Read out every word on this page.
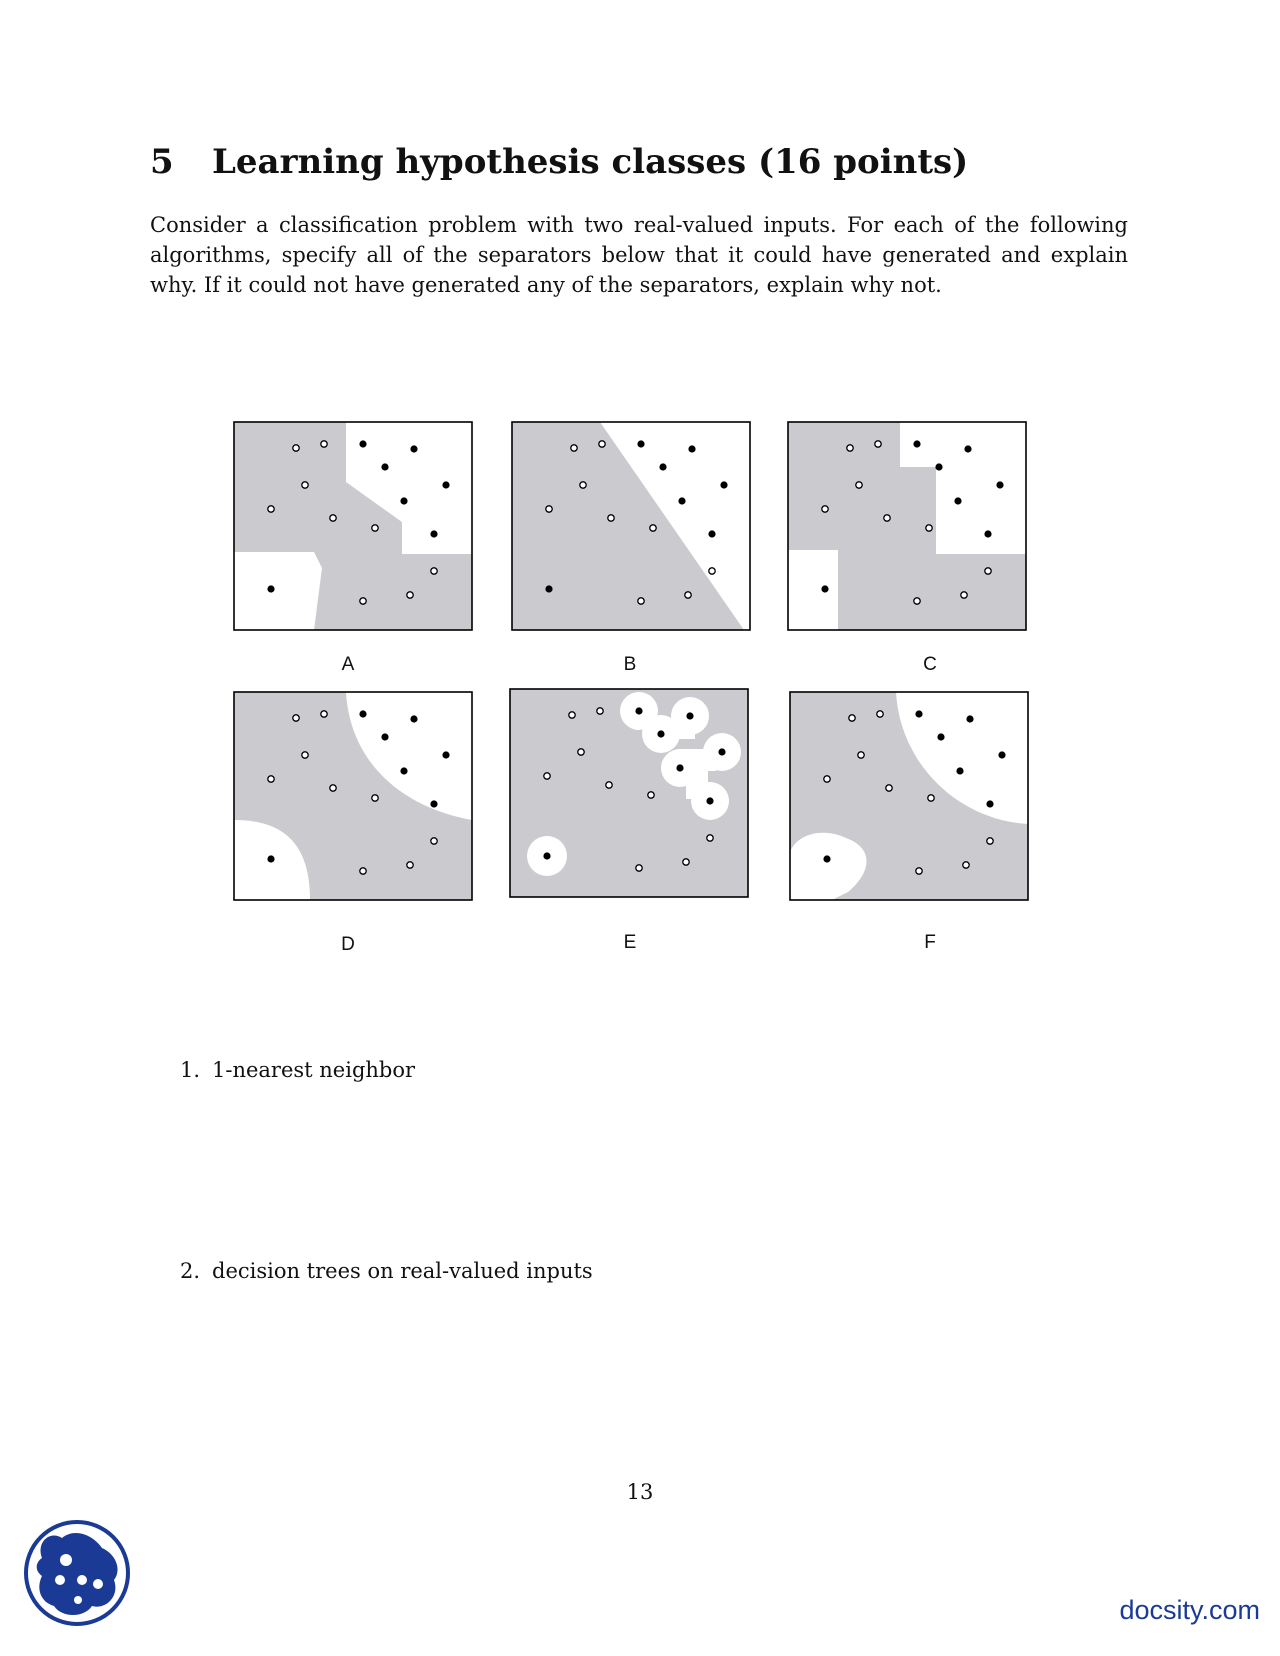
5 Learning hypothesis classes (16 points)

Consider a classification problem with two real-valued inputs. For each of the following algorithms, specify all of the separators below that it could have generated and explain why. If it could not have generated any of the separators, explain why not.

A	B	C
D	E	F
1. 1-nearest neighbor
2. decision trees on real-valued inputs
13
docsity.com
